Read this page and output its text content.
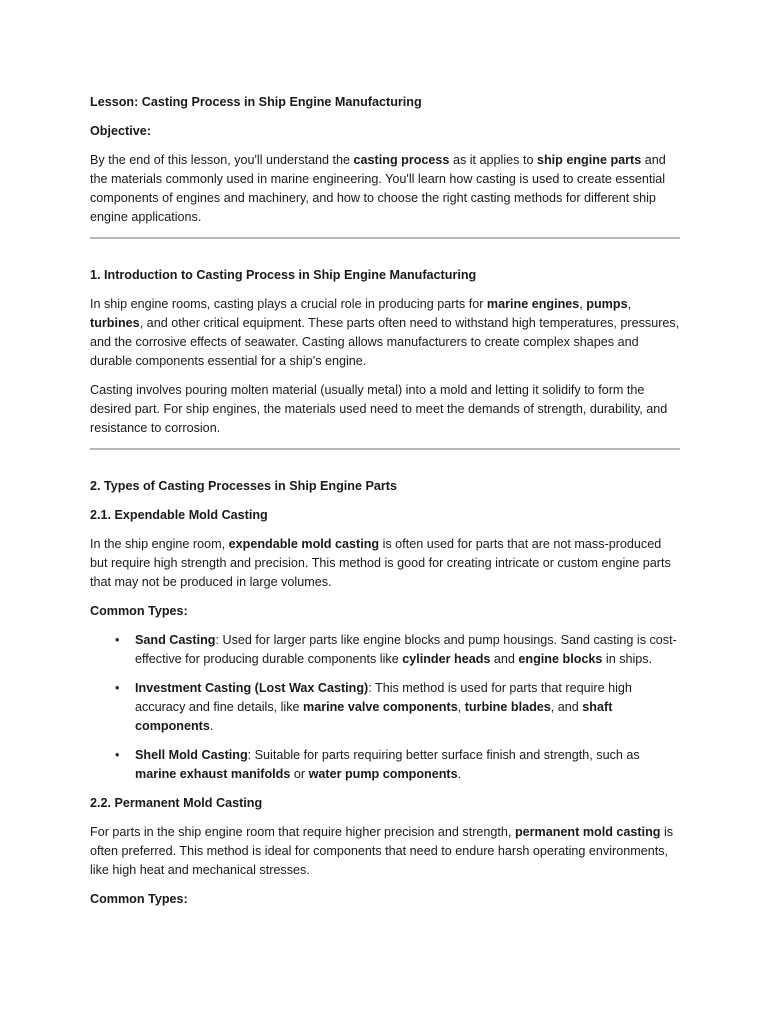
Lesson: Casting Process in Ship Engine Manufacturing

Objective:

By the end of this lesson, you'll understand the casting process as it applies to ship engine parts and the materials commonly used in marine engineering. You'll learn how casting is used to create essential components of engines and machinery, and how to choose the right casting methods for different ship engine applications.

1. Introduction to Casting Process in Ship Engine Manufacturing

In ship engine rooms, casting plays a crucial role in producing parts for marine engines, pumps, turbines, and other critical equipment. These parts often need to withstand high temperatures, pressures, and the corrosive effects of seawater. Casting allows manufacturers to create complex shapes and durable components essential for a ship’s engine.

Casting involves pouring molten material (usually metal) into a mold and letting it solidify to form the desired part. For ship engines, the materials used need to meet the demands of strength, durability, and resistance to corrosion.

2. Types of Casting Processes in Ship Engine Parts

2.1. Expendable Mold Casting

In the ship engine room, expendable mold casting is often used for parts that are not mass-produced but require high strength and precision. This method is good for creating intricate or custom engine parts that may not be produced in large volumes.

Common Types:

• Sand Casting: Used for larger parts like engine blocks and pump housings. Sand casting is cost-effective for producing durable components like cylinder heads and engine blocks in ships.
• Investment Casting (Lost Wax Casting): This method is used for parts that require high accuracy and fine details, like marine valve components, turbine blades, and shaft components.
• Shell Mold Casting: Suitable for parts requiring better surface finish and strength, such as marine exhaust manifolds or water pump components.

2.2. Permanent Mold Casting

For parts in the ship engine room that require higher precision and strength, permanent mold casting is often preferred. This method is ideal for components that need to endure harsh operating environments, like high heat and mechanical stresses.

Common Types:
